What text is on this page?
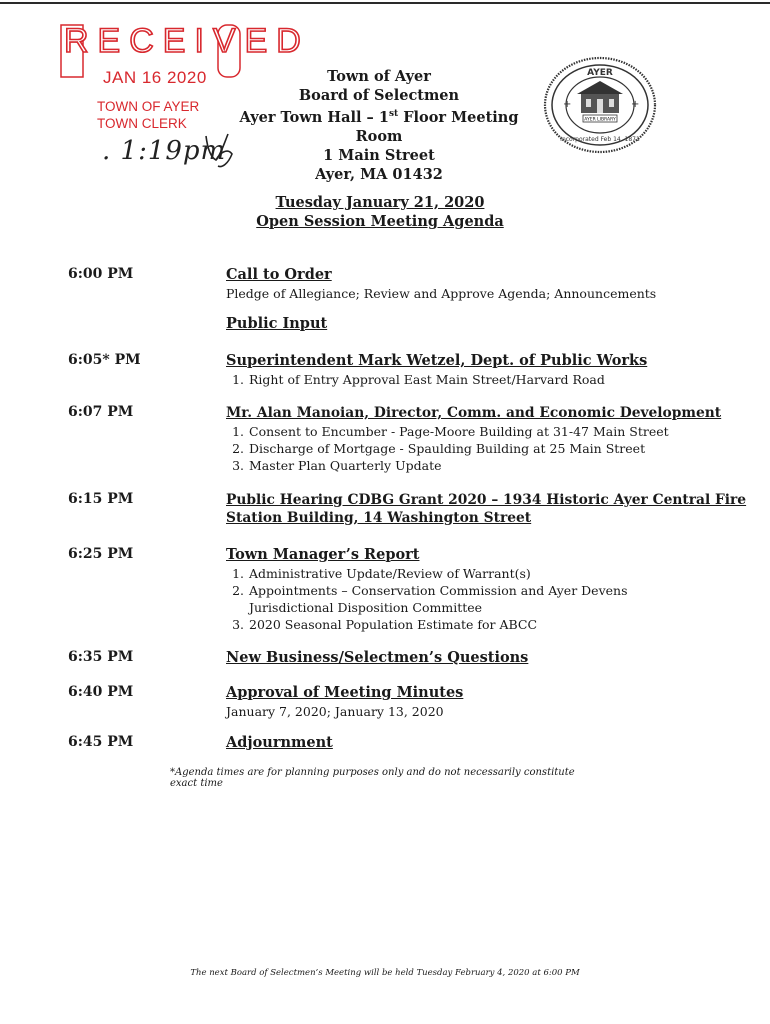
RECEIVED
JAN 16 2020
TOWN OF AYER
TOWN CLERK
. 1:19pm
Town of Ayer
Board of Selectmen
Ayer Town Hall – 1st Floor Meeting Room
1 Main Street
Ayer, MA 01432
AYER
AYER LIBRARY
+	+
Incorporated Feb 14, 1871
Tuesday January 21, 2020
Open Session Meeting Agenda
6:00 PM	Call to Order
Pledge of Allegiance; Review and Approve Agenda; Announcements
Public Input
6:05* PM	Superintendent Mark Wetzel, Dept. of Public Works
1. Right of Entry Approval East Main Street/Harvard Road
6:07 PM	Mr. Alan Manoian, Director, Comm. and Economic Development
1. Consent to Encumber - Page-Moore Building at 31-47 Main Street
2. Discharge of Mortgage - Spaulding Building at 25 Main Street
3. Master Plan Quarterly Update
6:15 PM	Public Hearing CDBG Grant 2020 – 1934 Historic Ayer Central Fire
Station Building, 14 Washington Street
6:25 PM	Town Manager’s Report
1. Administrative Update/Review of Warrant(s)
2. Appointments – Conservation Commission and Ayer Devens Jurisdictional Disposition Committee
3. 2020 Seasonal Population Estimate for ABCC
6:35 PM	New Business/Selectmen’s Questions
6:40 PM	Approval of Meeting Minutes
January 7, 2020; January 13, 2020
6:45 PM	Adjournment
*Agenda times are for planning purposes only and do not necessarily constitute exact time
The next Board of Selectmen’s Meeting will be held Tuesday February 4, 2020 at 6:00 PM
